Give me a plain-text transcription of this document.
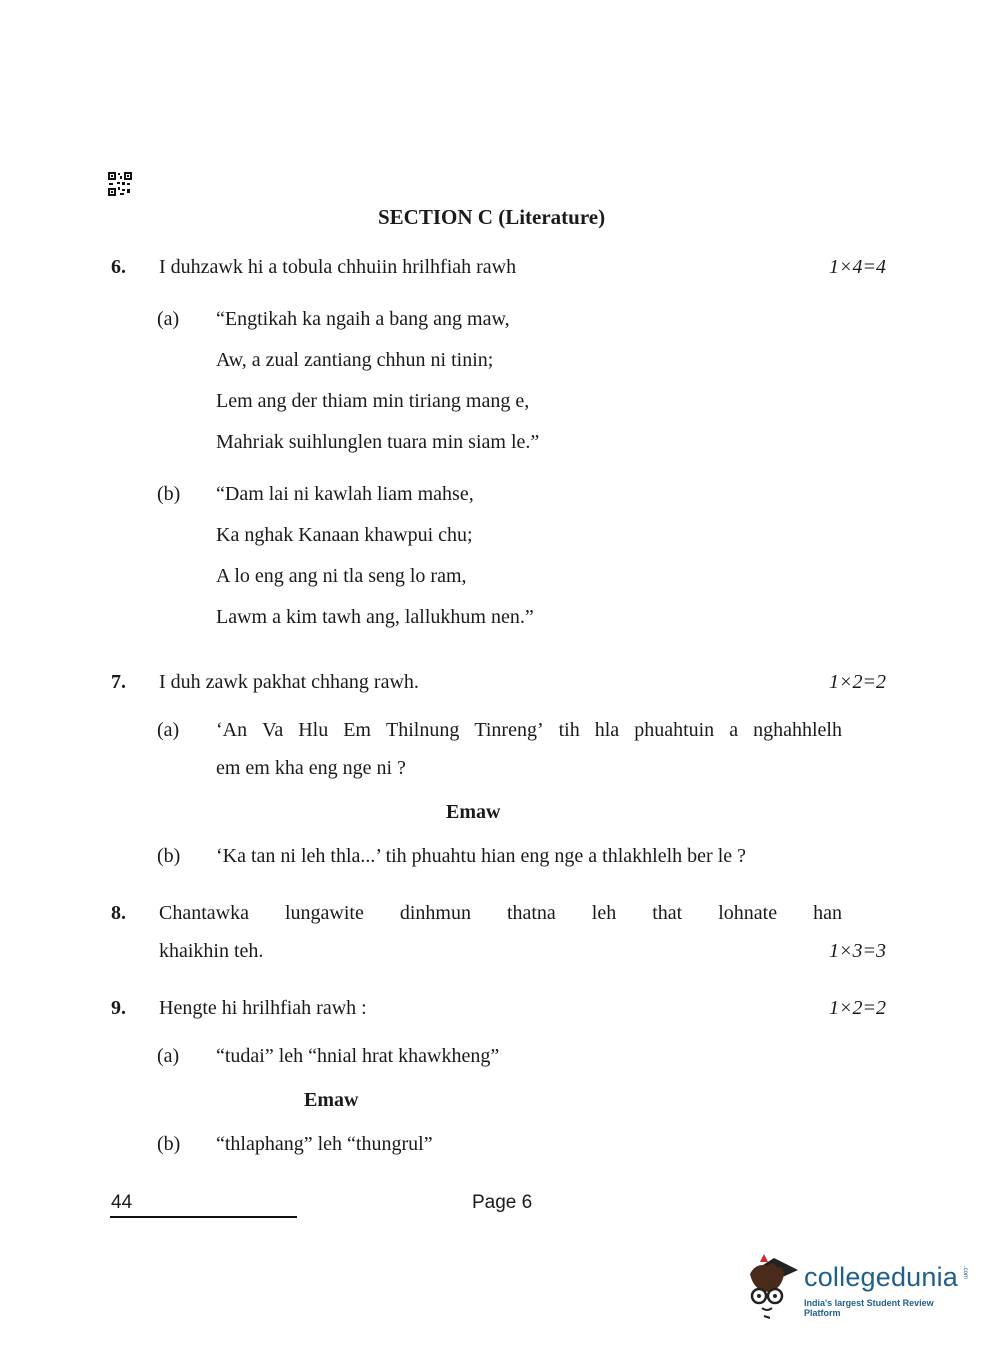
SECTION C (Literature)
6. I duhzawk hi a tobula chhuiin hrilhfiah rawh	1×4=4
(a) “Engtikah ka ngaih a bang ang maw,
Aw, a zual zantiang chhun ni tinin;
Lem ang der thiam min tiriang mang e,
Mahriak suihlunglen tuara min siam le.”
(b) “Dam lai ni kawlah liam mahse,
Ka nghak Kanaan khawpui chu;
A lo eng ang ni tla seng lo ram,
Lawm a kim tawh ang, lallukhum nen.”
7. I duh zawk pakhat chhang rawh.	1×2=2
(a) ‘An Va Hlu Em Thilnung Tinreng’ tih hla phuahtuin a nghahhlelh
em em kha eng nge ni ?
Emaw
(b) ‘Ka tan ni leh thla...’ tih phuahtu hian eng nge a thlakhlelh ber le ?
8. Chantawka lungawite dinhmun thatna leh that lohnate han
khaikhin teh.	1×3=3
9. Hengte hi hrilhfiah rawh :	1×2=2
(a) “tudai” leh “hnial hrat khawkheng”
Emaw
(b) “thlaphang” leh “thungrul”
44	Page 6
collegedunia .com
India's largest Student Review Platform
